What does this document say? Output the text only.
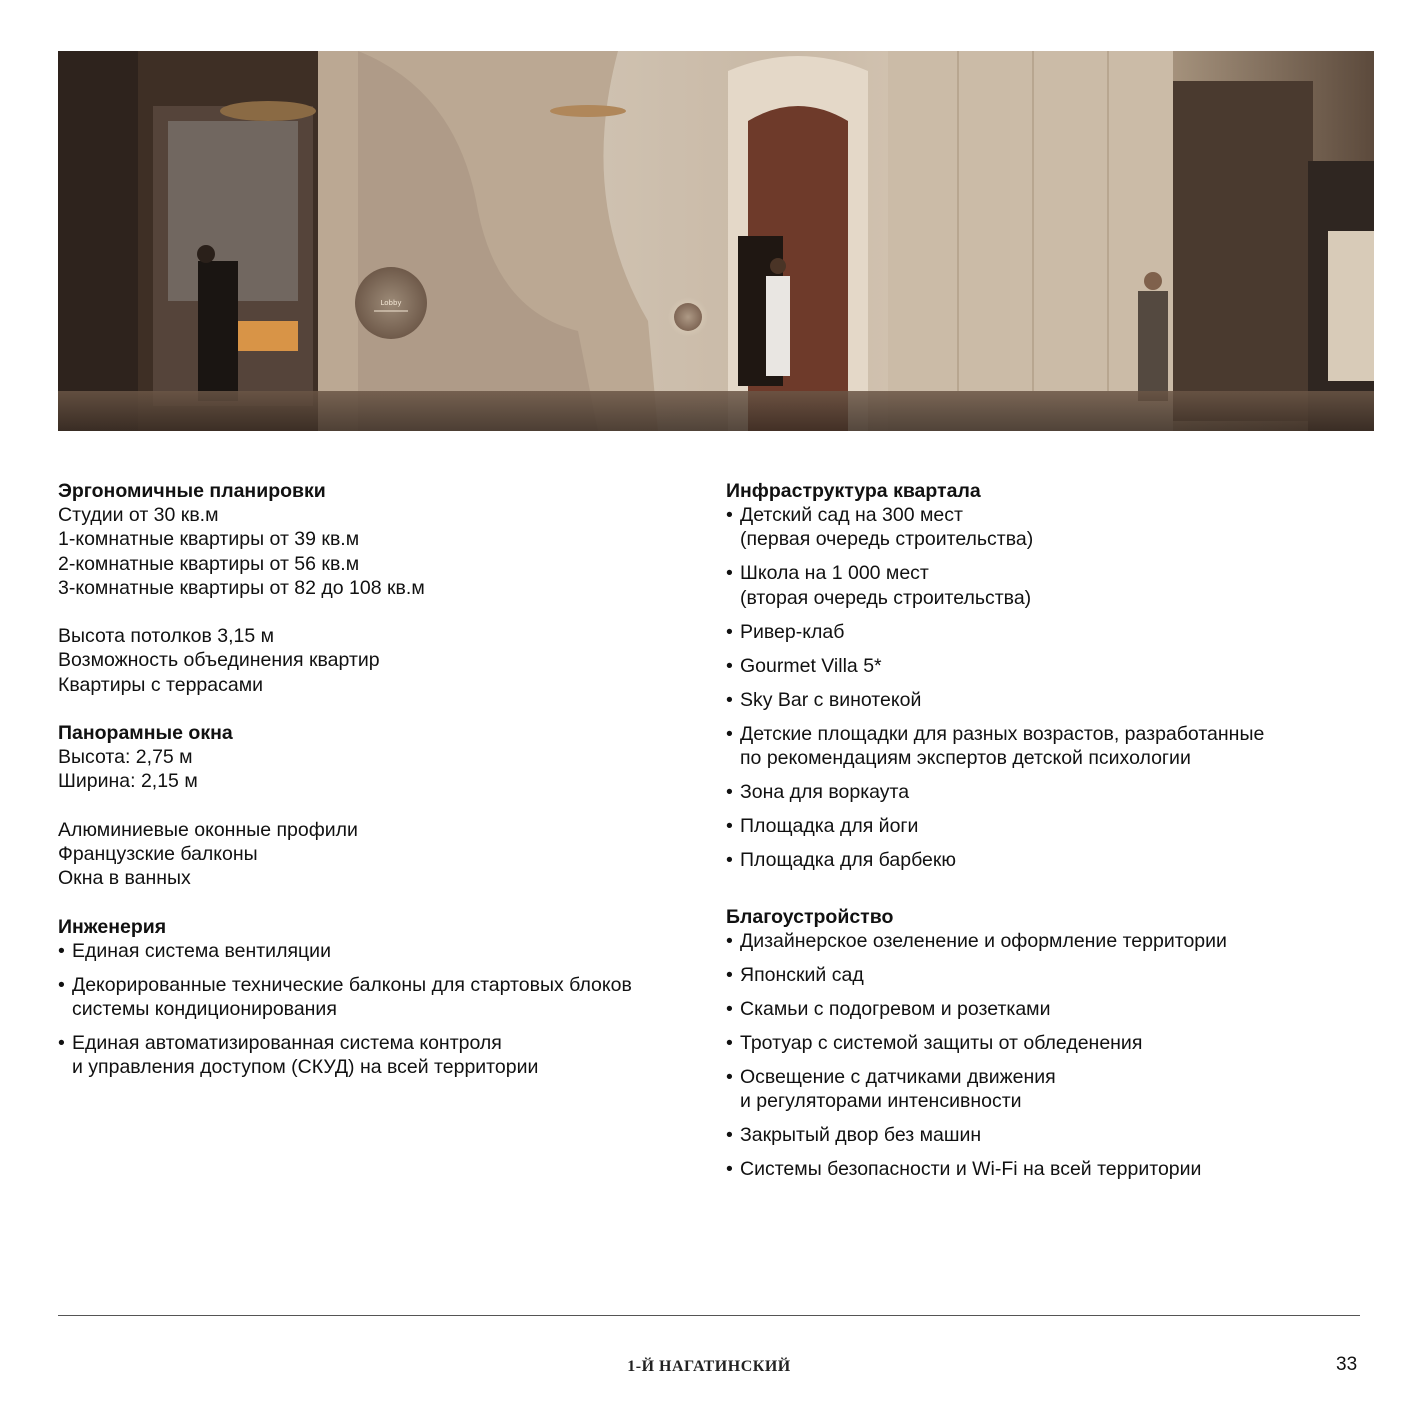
Lobby
Эргономичные планировки
Студии от 30 кв.м
1-комнатные квартиры от 39 кв.м
2-комнатные квартиры от 56 кв.м
3-комнатные квартиры от 82 до 108 кв.м
Высота потолков 3,15 м
Возможность объединения квартир
Квартиры с террасами
Панорамные окна
Высота: 2,75 м
Ширина: 2,15 м
Алюминиевые оконные профили
Французские балконы
Окна в ванных
Инженерия
• Единая система вентиляции
• Декорированные технические балконы для стартовых блоков
системы кондиционирования
• Единая автоматизированная система контроля
и управления доступом (СКУД) на всей территории
Инфраструктура квартала
• Детский сад на 300 мест
(первая очередь строительства)
• Школа на 1 000 мест
(вторая очередь строительства)
• Ривер-клаб
• Gourmet Villa 5*
• Sky Bar с винотекой
• Детские площадки для разных возрастов, разработанные
по рекомендациям экспертов детской психологии
• Зона для воркаута
• Площадка для йоги
• Площадка для барбекю
Благоустройство
• Дизайнерское озеленение и оформление территории
• Японский сад
• Скамьи с подогревом и розетками
• Тротуар с системой защиты от обледенения
• Освещение с датчиками движения
и регуляторами интенсивности
• Закрытый двор без машин
• Системы безопасности и Wi-Fi на всей территории
1-Й НАГАТИНСКИЙ	33
